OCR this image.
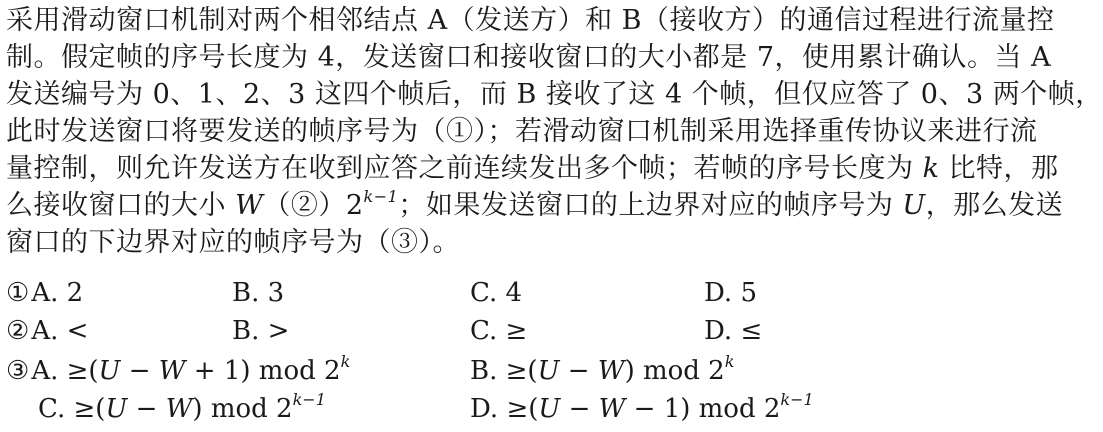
采用滑动窗口机制对两个相邻结点 A（发送方）和 B（接收方）的通信过程进行流量控
制。假定帧的序号长度为 4，发送窗口和接收窗口的大小都是 7，使用累计确认。当 A
发送编号为 0、1、2、3 这四个帧后，而 B 接收了这 4 个帧，但仅应答了 0、3 两个帧，
此时发送窗口将要发送的帧序号为（①）；若滑动窗口机制采用选择重传协议来进行流
量控制，则允许发送方在收到应答之前连续发出多个帧；若帧的序号长度为 k 比特，那
么接收窗口的大小 $W(②)2^{k-1}$；如果发送窗口的上边界对应的帧序号为 U，那么发送
窗口的下边界对应的帧序号为（③）。
①A. 2	B. 3	C. 4	D. 5
②A. <	B. >	C. ≥	D. ≤
③A. ≥(U − W + 1) mod 2$^k$	B. ≥(U − W) mod 2$^k$
C. ≥(U − W) mod $2^{k-1}$	D. ≥(U − W − 1) mod $2^{k-1}$
